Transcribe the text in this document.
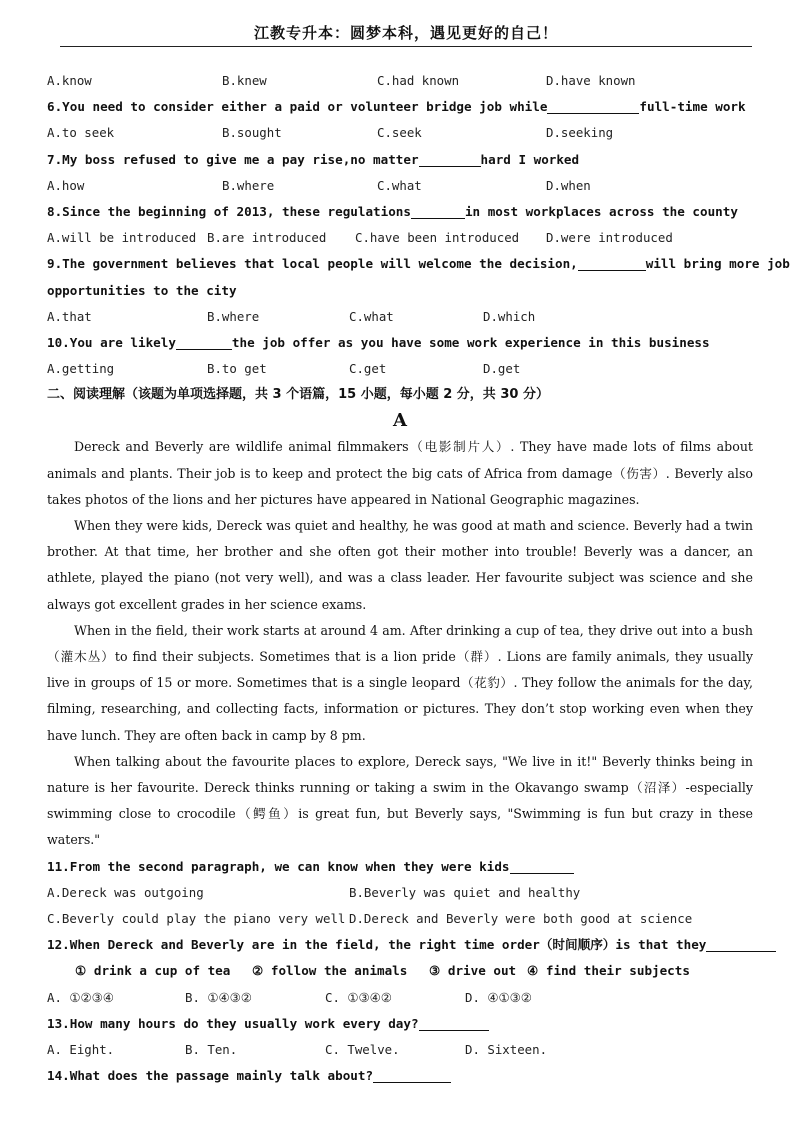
江教专升本：圆梦本科，遇见更好的自己！
A.know	B.knew	C.had known	D.have known
6.You need to consider either a paid or volunteer bridge job while	full-time work
A.to seek	B.sought	C.seek	D.seeking
7.My boss refused to give me a pay rise,no matter	hard I worked
A.how	B.where	C.what	D.when
8.Since the beginning of 2013, these regulations	in most workplaces across the county
A.will be introduced B.are introduced C.have been introduced D.were introduced
9.The government believes that local people will welcome the decision,	will bring more job
opportunities to the city
A.that	B.where	C.what	D.which
10.You are likely	the job offer as you have some work experience in this business
A.getting	B.to get	C.get	D.get
二、阅读理解（该题为单项选择题，共 3 个语篇，15 小题，每小题 2 分，共 30 分）
A
Dereck and Beverly are wildlife animal filmmakers（电影制片人）. They have made lots of films about animals and plants. Their job is to keep and protect the big cats of Africa from damage（伤害）. Beverly also takes photos of the lions and her pictures have appeared in National Geographic magazines.
When they were kids, Dereck was quiet and healthy, he was good at math and science. Beverly had a twin brother. At that time, her brother and she often got their mother into trouble! Beverly was a dancer, an athlete, played the piano (not very well), and was a class leader. Her favourite subject was science and she always got excellent grades in her science exams.
When in the field, their work starts at around 4 am. After drinking a cup of tea, they drive out into a bush（灌木丛）to find their subjects. Sometimes that is a lion pride（群）. Lions are family animals, they usually live in groups of 15 or more. Sometimes that is a single leopard（花豹）. They follow the animals for the day, filming, researching, and collecting facts, information or pictures. They don’t stop working even when they have lunch. They are often back in camp by 8 pm.
When talking about the favourite places to explore, Dereck says, "We live in it!" Beverly thinks being in nature is her favourite. Dereck thinks running or taking a swim in the Okavango swamp（沼泽）-especially swimming close to crocodile（鳄鱼）is great fun, but Beverly says, "Swimming is fun but crazy in these waters."
11.From the second paragraph, we can know when they were kids
A.Dereck was outgoing	B.Beverly was quiet and healthy
C.Beverly could play the piano very well D.Dereck and Beverly were both good at science
12.When Dereck and Beverly are in the field, the right time order（时间顺序）is that they
① drink a cup of tea ② follow the animals ③ drive out ④ find their subjects
A. ①②③④	B. ①④③②	C. ①③④②	D. ④①③②
13.How many hours do they usually work every day?
A. Eight.	B. Ten.	C. Twelve.	D. Sixteen.
14.What does the passage mainly talk about?
